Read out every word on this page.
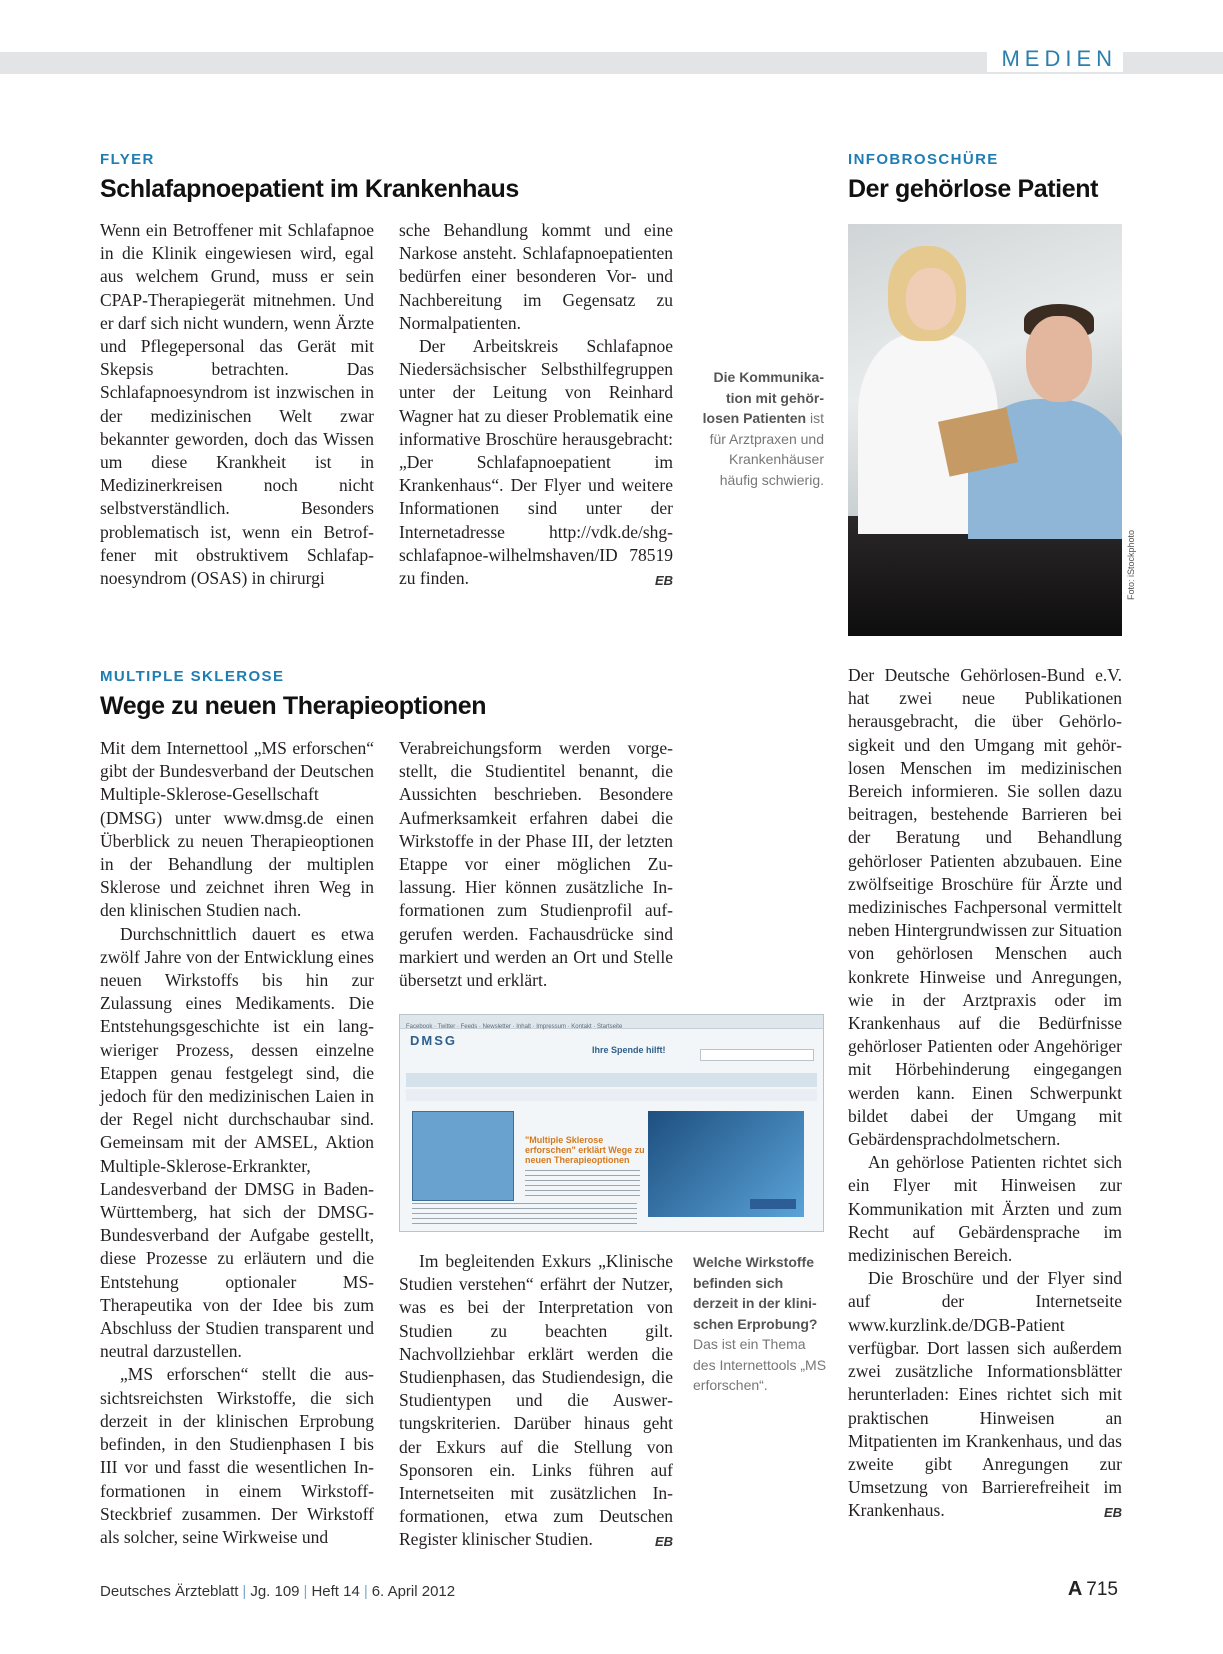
MEDIEN
FLYER
Schlafapnoepatient im Krankenhaus

Wenn ein Betroffener mit Schlafapnoe in die Klinik eingewiesen wird, egal aus welchem Grund, muss er sein CPAP-Therapiegerät mitnehmen. Und er darf sich nicht wundern, wenn Ärzte und Pflegepersonal das Gerät mit Skepsis betrachten. Das Schlafapnoesyndrom ist inzwischen in der medizinischen Welt zwar bekannter geworden, doch das Wissen um diese Krankheit ist in Medizinerkreisen noch nicht selbstverständlich. Besonders problematisch ist, wenn ein Betroffener mit obstruktivem Schlafapnoesyndrom (OSAS) in chirurgi

sche Behandlung kommt und eine Narkose ansteht. Schlafapnoepatienten bedürfen einer besonderen Vor- und Nachbereitung im Gegensatz zu Normalpatienten.

Der Arbeitskreis Schlafapnoe Niedersächsischer Selbsthilfegruppen unter der Leitung von Reinhard Wagner hat zu dieser Problematik eine informative Broschüre herausgebracht: „Der Schlafapnoepatient im Krankenhaus“. Der Flyer und weitere Informationen sind unter der Internetadresse http://vdk.de/shg-schlafapnoe-wilhelmshaven/ID 78519 zu finden.	EB

INFOBROSCHÜRE
Der gehörlose Patient
Die Kommunikation mit gehörlosen Patienten ist für Arztpraxen und Krankenhäuser häufig schwierig.
Foto: iStockphoto

Der Deutsche Gehörlosen-Bund e.V. hat zwei neue Publikationen herausgebracht, die über Gehörlosigkeit und den Umgang mit gehörlosen Menschen im medizinischen Bereich informieren. Sie sollen dazu beitragen, bestehende Barrieren bei der Beratung und Behandlung gehörloser Patienten abzubauen. Eine zwölfseitige Broschüre für Ärzte und medizinisches Fachpersonal vermittelt neben Hintergrundwissen zur Situation von gehörlosen Menschen auch konkrete Hinweise und Anregungen, wie in der Arztpraxis oder im Krankenhaus auf die Bedürfnisse gehörloser Patienten oder Angehöriger mit Hörbehinderung eingegangen werden kann. Einen Schwerpunkt bildet dabei der Umgang mit Gebärdensprachdolmetschern.

An gehörlose Patienten richtet sich ein Flyer mit Hinweisen zur Kommunikation mit Ärzten und zum Recht auf Gebärdensprache im medizinischen Bereich.

Die Broschüre und der Flyer sind auf der Internetseite www.kurzlink.de/DGB-Patient verfügbar. Dort lassen sich außerdem zwei zusätzliche Informationsblätter herunterladen: Eines richtet sich mit praktischen Hinweisen an Mitpatienten im Krankenhaus, und das zweite gibt Anregungen zur Umsetzung von Barrierefreiheit im Krankenhaus.	EB

MULTIPLE SKLEROSE
Wege zu neuen Therapieoptionen

Mit dem Internettool „MS erforschen“ gibt der Bundesverband der Deutschen Multiple-Sklerose-Gesellschaft (DMSG) unter www.dmsg.de einen Überblick zu neuen Therapieoptionen in der Behandlung der multiplen Sklerose und zeichnet ihren Weg in den klinischen Studien nach.

Durchschnittlich dauert es etwa zwölf Jahre von der Entwicklung eines neuen Wirkstoffs bis hin zur Zulassung eines Medikaments. Die Entstehungsgeschichte ist ein langwieriger Prozess, dessen einzelne Etappen genau festgelegt sind, die jedoch für den medizinischen Laien in der Regel nicht durchschaubar sind. Gemeinsam mit der AMSEL, Aktion Multiple-Sklerose-Erkrankter, Landesverband der DMSG in Baden-Württemberg, hat sich der DMSG-Bundesverband der Aufgabe gestellt, diese Prozesse zu erläutern und die Entstehung optionaler MS-Therapeutika von der Idee bis zum Abschluss der Studien transparent und neutral darzustellen.

„MS erforschen“ stellt die aussichtsreichsten Wirkstoffe, die sich derzeit in der klinischen Erprobung befinden, in den Studienphasen I bis III vor und fasst die wesentlichen Informationen in einem Wirkstoff-Steckbrief zusammen. Der Wirkstoff als solcher, seine Wirkweise und

Verabreichungsform werden vorgestellt, die Studientitel benannt, die Aussichten beschrieben. Besondere Aufmerksamkeit erfahren dabei die Wirkstoffe in der Phase III, der letzten Etappe vor einer möglichen Zulassung. Hier können zusätzliche Informationen zum Studienprofil aufgerufen werden. Fachausdrücke sind markiert und werden an Ort und Stelle übersetzt und erklärt.

Facebook · Twitter · Feeds · Newsletter · Inhalt · Impressum · Kontakt · Startseite
DMSG
Ihre Spende hilft!
"Multiple Sklerose erforschen" erklärt Wege zu neuen Therapieoptionen

Im begleitenden Exkurs „Klinische Studien verstehen“ erfährt der Nutzer, was es bei der Interpretation von Studien zu beachten gilt. Nachvollziehbar erklärt werden die Studienphasen, das Studiendesign, die Studientypen und die Auswertungskriterien. Darüber hinaus geht der Exkurs auf die Stellung von Sponsoren ein. Links führen auf Internetseiten mit zusätzlichen Informationen, etwa zum Deutschen Register klinischer Studien.	EB

Welche Wirkstoffe befinden sich derzeit in der klinischen Erprobung? Das ist ein Thema des Internettools „MS erforschen“.
Deutsches Ärzteblatt | Jg. 109 | Heft 14 | 6. April 2012	A 715
